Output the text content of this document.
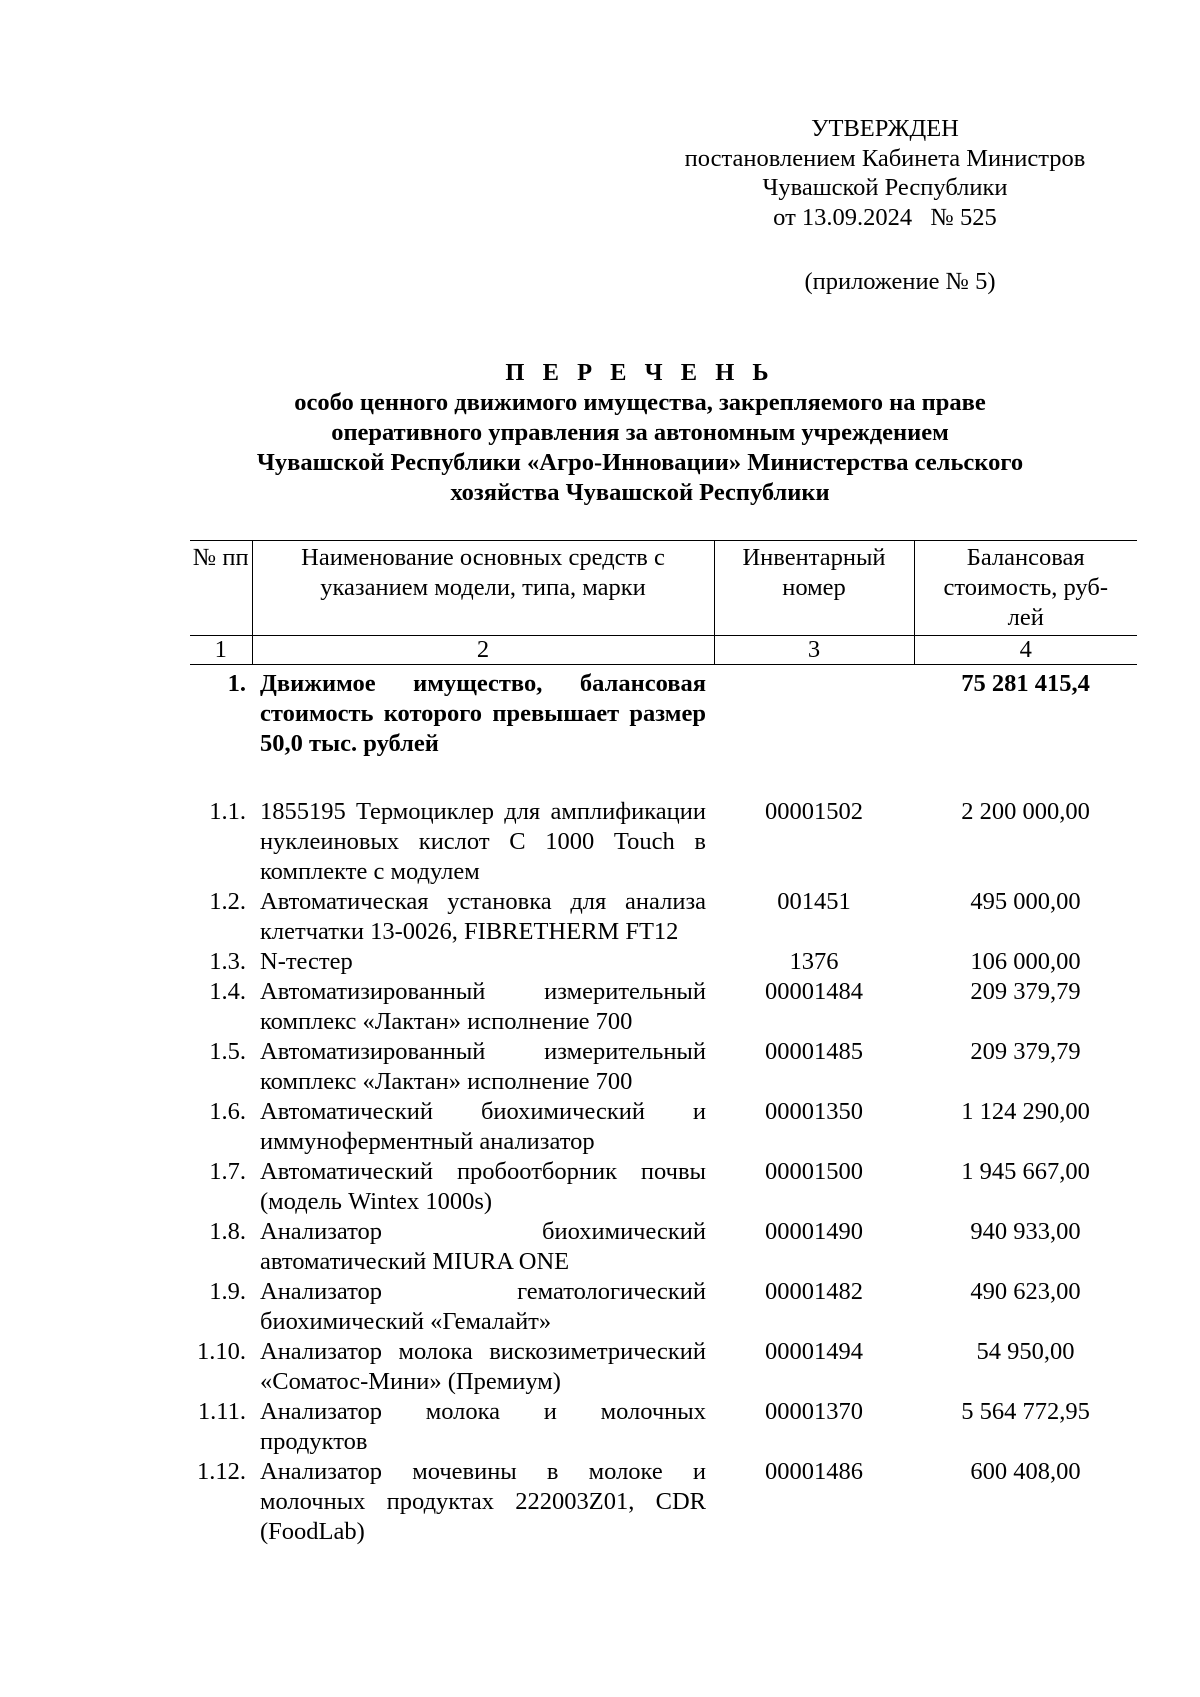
УТВЕРЖДЕН
постановлением Кабинета Министров
Чувашской Республики
от 13.09.2024   № 525
(приложение № 5)
П Е Р Е Ч Е Н Ь
особо ценного движимого имущества, закрепляемого на праве
оперативного управления за автономным учреждением
Чувашской Республики «Агро-Инновации» Министерства сельского
хозяйства Чувашской Республики
№ пп	Наименование основных средств с указанием модели, типа, марки	Инвентарный номер	Балансовая стоимость, руб-лей
1	2	3	4
1.	Движимое имущество, балансовая стоимость которого превышает размер 50,0 тыс. рублей		75 281 415,4
1.1.	1855195 Термоциклер для амплификации нуклеиновых кислот С 1000 Touch в комплекте с модулем	00001502	2 200 000,00
1.2.	Автоматическая установка для анализа клетчатки 13-0026, FIBRETHERM FT12	001451	495 000,00
1.3.	N-тестер	1376	106 000,00
1.4.	Автоматизированный измерительный комплекс «Лактан» исполнение 700	00001484	209 379,79
1.5.	Автоматизированный измерительный комплекс «Лактан» исполнение 700	00001485	209 379,79
1.6.	Автоматический биохимический и иммуноферментный анализатор	00001350	1 124 290,00
1.7.	Автоматический пробоотборник почвы (модель Wintex 1000s)	00001500	1 945 667,00
1.8.	Анализатор биохимический автоматический MIURA ONE	00001490	940 933,00
1.9.	Анализатор гематологический биохимический «Гемалайт»	00001482	490 623,00
1.10.	Анализатор молока вискозиметрический «Соматос-Мини» (Премиум)	00001494	54 950,00
1.11.	Анализатор молока и молочных продуктов	00001370	5 564 772,95
1.12.	Анализатор мочевины в молоке и молочных продуктах 222003Z01, CDR (FoodLab)	00001486	600 408,00
